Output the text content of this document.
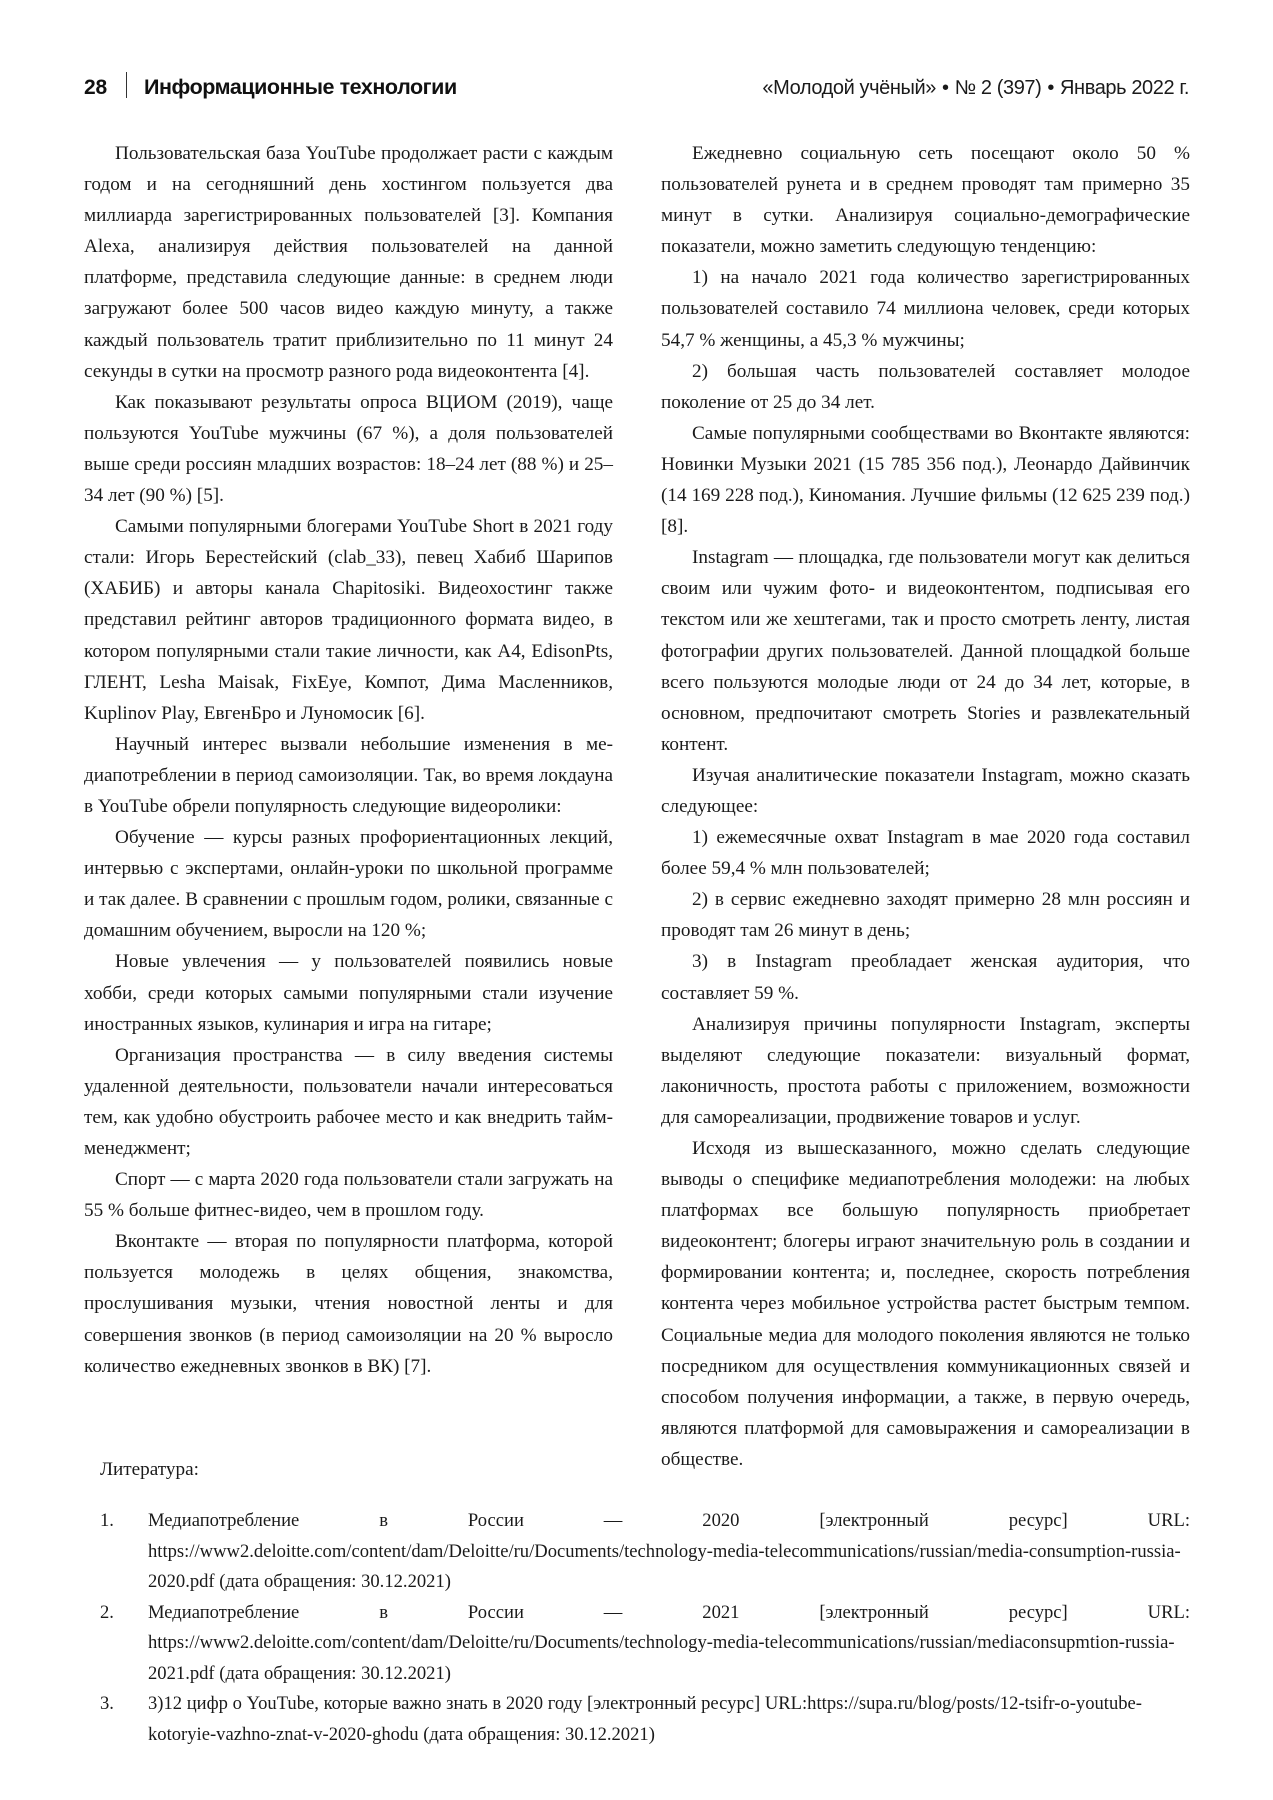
28 Информационные технологии	«Молодой учёный» • № 2 (397) • Январь 2022 г.

Пользовательская база YouTube продолжает расти с каждым годом и на сегодняшний день хостингом пользуется два миллиарда зарегистрированных пользователей [3]. Компания Alexa, анализируя действия пользователей на данной платформе, представила следующие данные: в среднем люди загружают более 500 часов видео каждую минуту, а также каждый пользователь тратит приблизительно по 11 минут 24 секунды в сутки на просмотр разного рода видеоконтента [4].

Как показывают результаты опроса ВЦИОМ (2019), чаще пользуются YouTube мужчины (67 %), а доля пользователей выше среди россиян младших возрастов: 18–24 лет (88 %) и 25–34 лет (90 %) [5].

Самыми популярными блогерами YouTube Short в 2021 году стали: Игорь Берестейский (clab_33), певец Хабиб Шарипов (ХАБИБ) и авторы канала Chapitosiki. Видеохостинг также представил рейтинг авторов традиционного формата видео, в котором популярными стали такие личности, как A4, EdisonPts, ГЛЕНТ, Lesha Maisak, FixEye, Компот, Дима Масленников, Kuplinov Play, ЕвгенБро и Луномосик [6].

Научный интерес вызвали небольшие изменения в медиапотреблении в период самоизоляции. Так, во время локдауна в YouTube обрели популярность следующие видеоролики:

Обучение — курсы разных профориентационных лекций, интервью с экспертами, онлайн-уроки по школьной программе и так далее. В сравнении с прошлым годом, ролики, связанные с домашним обучением, выросли на 120 %;

Новые увлечения — у пользователей появились новые хобби, среди которых самыми популярными стали изучение иностранных языков, кулинария и игра на гитаре;

Организация пространства — в силу введения системы удаленной деятельности, пользователи начали интересоваться тем, как удобно обустроить рабочее место и как внедрить тайм-менеджмент;

Спорт — с марта 2020 года пользователи стали загружать на 55 % больше фитнес-видео, чем в прошлом году.

Вконтакте — вторая по популярности платформа, которой пользуется молодежь в целях общения, знакомства, прослушивания музыки, чтения новостной ленты и для совершения звонков (в период самоизоляции на 20 % выросло количество ежедневных звонков в ВК) [7].

Ежедневно социальную сеть посещают около 50 % пользователей рунета и в среднем проводят там примерно 35 минут в сутки. Анализируя социально-демографические показатели, можно заметить следующую тенденцию:

1) на начало 2021 года количество зарегистрированных пользователей составило 74 миллиона человек, среди которых 54,7 % женщины, а 45,3 % мужчины;

2) большая часть пользователей составляет молодое поколение от 25 до 34 лет.

Самые популярными сообществами во Вконтакте являются: Новинки Музыки 2021 (15 785 356 под.), Леонардо Дайвинчик (14 169 228 под.), Киномания. Лучшие фильмы (12 625 239 под.) [8].

Instagram — площадка, где пользователи могут как делиться своим или чужим фото- и видеоконтентом, подписывая его текстом или же хештегами, так и просто смотреть ленту, листая фотографии других пользователей. Данной площадкой больше всего пользуются молодые люди от 24 до 34 лет, которые, в основном, предпочитают смотреть Stories и развлекательный контент.

Изучая аналитические показатели Instagram, можно сказать следующее:

1) ежемесячные охват Instagram в мае 2020 года составил более 59,4 % млн пользователей;

2) в сервис ежедневно заходят примерно 28 млн россиян и проводят там 26 минут в день;

3) в Instagram преобладает женская аудитория, что составляет 59 %.

Анализируя причины популярности Instagram, эксперты выделяют следующие показатели: визуальный формат, лаконичность, простота работы с приложением, возможности для самореализации, продвижение товаров и услуг.

Исходя из вышесказанного, можно сделать следующие выводы о специфике медиапотребления молодежи: на любых платформах все большую популярность приобретает видеоконтент; блогеры играют значительную роль в создании и формировании контента; и, последнее, скорость потребления контента через мобильное устройства растет быстрым темпом. Социальные медиа для молодого поколения являются не только посредником для осуществления коммуникационных связей и способом получения информации, а также, в первую очередь, являются платформой для самовыражения и самореализации в обществе.

Литература:
1.	Медиапотребление в России — 2020 [электронный ресурс] URL: https://www2.deloitte.com/content/dam/Deloitte/ru/Documents/technology-media-telecommunications/russian/media-consumption-russia-2020.pdf (дата обращения: 30.12.2021)
2.	Медиапотребление в России — 2021 [электронный ресурс] URL: https://www2.deloitte.com/content/dam/Deloitte/ru/Documents/technology-media-telecommunications/russian/mediaconsupmtion-russia-2021.pdf (дата обращения: 30.12.2021)
3.	3)12 цифр о YouTube, которые важно знать в 2020 году [электронный ресурс] URL:https://supa.ru/blog/posts/12-tsifr-o-youtube-kotoryie-vazhno-znat-v-2020-ghodu (дата обращения: 30.12.2021)
